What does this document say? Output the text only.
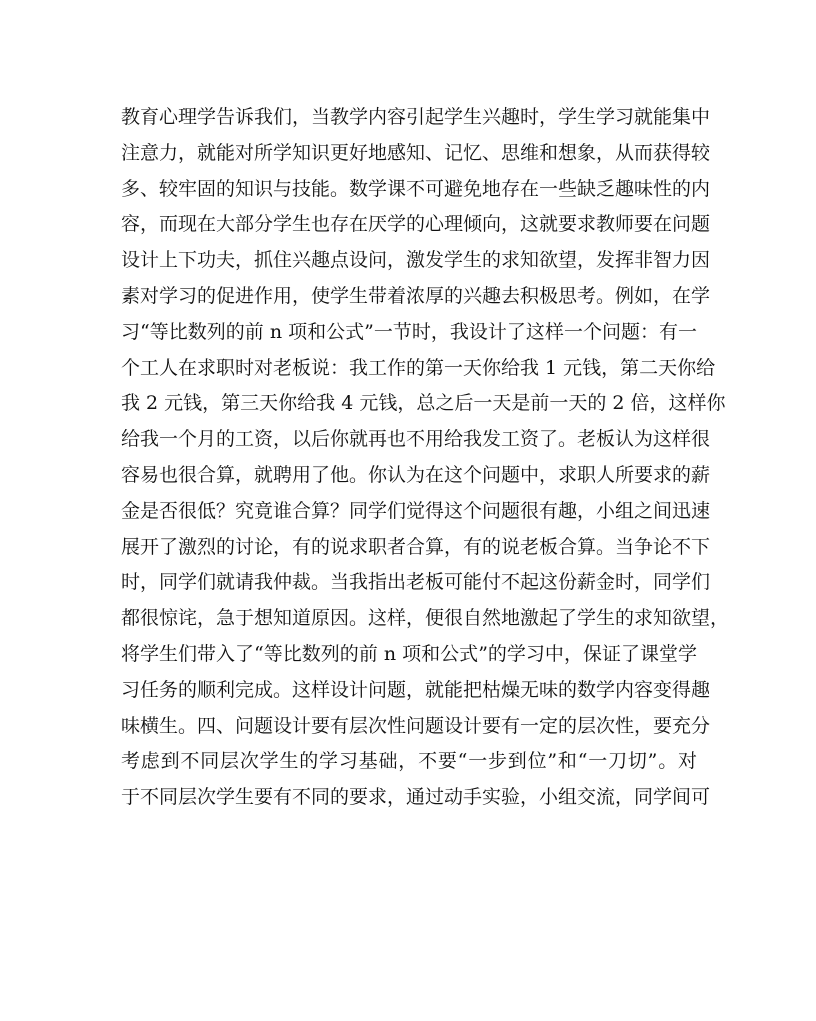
教育心理学告诉我们，当教学内容引起学生兴趣时，学生学习就能集中
注意力，就能对所学知识更好地感知、记忆、思维和想象，从而获得较
多、较牢固的知识与技能。数学课不可避免地存在一些缺乏趣味性的内
容，而现在大部分学生也存在厌学的心理倾向，这就要求教师要在问题
设计上下功夫，抓住兴趣点设问，激发学生的求知欲望，发挥非智力因
素对学习的促进作用，使学生带着浓厚的兴趣去积极思考。例如，在学
习“等比数列的前 n 项和公式”一节时，我设计了这样一个问题：有一
个工人在求职时对老板说：我工作的第一天你给我 1 元钱，第二天你给
我 2 元钱，第三天你给我 4 元钱，总之后一天是前一天的 2 倍，这样你
给我一个月的工资，以后你就再也不用给我发工资了。老板认为这样很
容易也很合算，就聘用了他。你认为在这个问题中，求职人所要求的薪
金是否很低？究竟谁合算？同学们觉得这个问题很有趣，小组之间迅速
展开了激烈的讨论，有的说求职者合算，有的说老板合算。当争论不下
时，同学们就请我仲裁。当我指出老板可能付不起这份薪金时，同学们
都很惊诧，急于想知道原因。这样，便很自然地激起了学生的求知欲望，
将学生们带入了“等比数列的前 n 项和公式”的学习中，保证了课堂学
习任务的顺利完成。这样设计问题，就能把枯燥无味的数学内容变得趣
味横生。四、问题设计要有层次性问题设计要有一定的层次性，要充分
考虑到不同层次学生的学习基础，不要“一步到位”和“一刀切”。对
于不同层次学生要有不同的要求，通过动手实验，小组交流，同学间可
